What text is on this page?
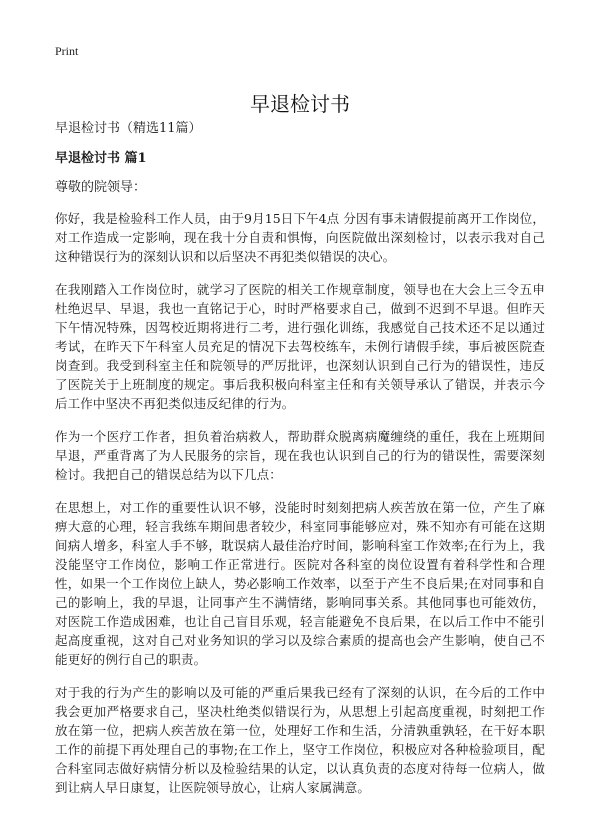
Print
早退检讨书
早退检讨书（精选11篇）
早退检讨书 篇1
尊敬的院领导：

你好，我是检验科工作人员，由于9月15日下午4点 分因有事未请假提前离开工作岗位，对工作造成一定影响，现在我十分自责和惧悔，向医院做出深刻检讨，以表示我对自己这种错误行为的深刻认识和以后坚决不再犯类似错误的决心。

在我刚踏入工作岗位时，就学习了医院的相关工作规章制度，领导也在大会上三令五申杜绝迟早、早退，我也一直铭记于心，时时严格要求自己，做到不迟到不早退。但昨天下午情况特殊，因驾校近期将进行二考，进行强化训练，我感觉自己技术还不足以通过考试，在昨天下午科室人员充足的情况下去驾校练车，未例行请假手续，事后被医院查岗查到。我受到科室主任和院领导的严厉批评，也深刻认识到自己行为的错误性，违反了医院关于上班制度的规定。事后我积极向科室主任和有关领导承认了错误，并表示今后工作中坚决不再犯类似违反纪律的行为。

作为一个医疗工作者，担负着治病救人，帮助群众脱离病魔缠绕的重任，我在上班期间早退，严重背离了为人民服务的宗旨，现在我也认识到自己的行为的错误性，需要深刻检讨。我把自己的错误总结为以下几点：

在思想上，对工作的重要性认识不够，没能时时刻刻把病人疾苦放在第一位，产生了麻痹大意的心理，轻言我练车期间患者较少，科室同事能够应对，殊不知亦有可能在这期间病人增多，科室人手不够，耽误病人最佳治疗时间，影响科室工作效率;在行为上，我没能坚守工作岗位，影响工作正常进行。医院对各科室的岗位设置有着科学性和合理性，如果一个工作岗位上缺人，势必影响工作效率，以至于产生不良后果;在对同事和自己的影响上，我的早退，让同事产生不满情绪，影响同事关系。其他同事也可能效仿，对医院工作造成困难，也让自己盲目乐观，轻言能避免不良后果，在以后工作中不能引起高度重视，这对自己对业务知识的学习以及综合素质的提高也会产生影响，使自己不能更好的例行自己的职责。

对于我的行为产生的影响以及可能的严重后果我已经有了深刻的认识，在今后的工作中我会更加严格要求自己，坚决杜绝类似错误行为，从思想上引起高度重视，时刻把工作放在第一位，把病人疾苦放在第一位，处理好工作和生活，分清孰重孰轻，在干好本职工作的前提下再处理自己的事物;在工作上，坚守工作岗位，积极应对各种检验项目，配合科室同志做好病情分析以及检验结果的认定，以认真负责的态度对待每一位病人，做到让病人早日康复，让医院领导放心，让病人家属满意。
